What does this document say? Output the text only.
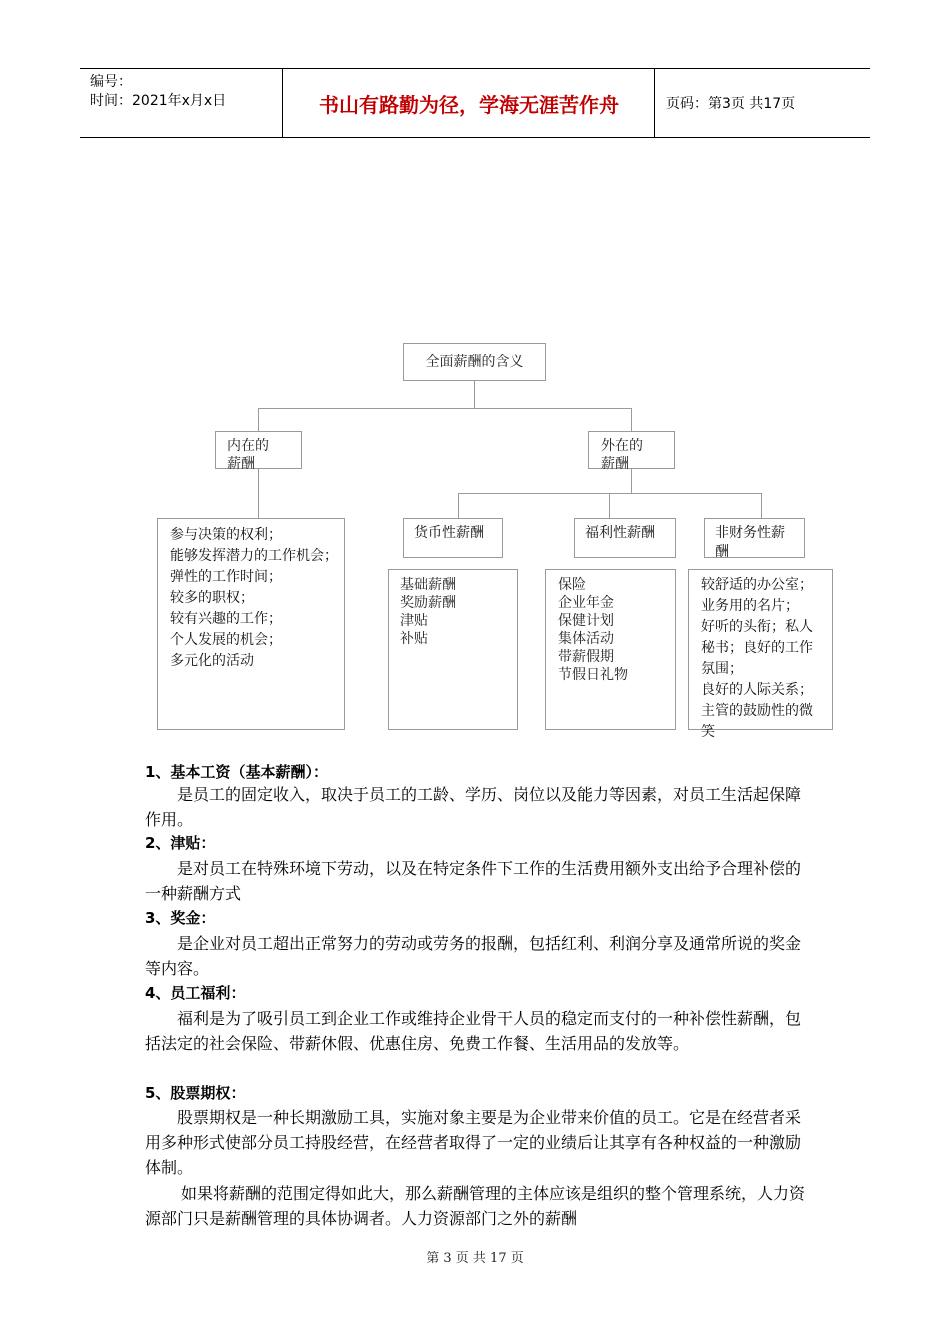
编号：
时间：2021年x月x日	书山有路勤为径，学海无涯苦作舟	页码：第3页 共17页
全面薪酬的含义
内在的薪酬
外在的薪酬
参与决策的权利；
能够发挥潜力的工作机会；
弹性的工作时间；
较多的职权；
较有兴趣的工作；
个人发展的机会；
多元化的活动
货币性薪酬	福利性薪酬	非财务性薪酬
基础薪酬
奖励薪酬
津贴
补贴
保险
企业年金
保健计划
集体活动
带薪假期
节假日礼物
较舒适的办公室；
业务用的名片；
好听的头衔；私人秘书；良好的工作氛围；
良好的人际关系；
主管的鼓励性的微笑
1、基本工资（基本薪酬）：
是员工的固定收入，取决于员工的工龄、学历、岗位以及能力等因素，对员工生活起保障作用。
2、津贴：
是对员工在特殊环境下劳动，以及在特定条件下工作的生活费用额外支出给予合理补偿的一种薪酬方式
3、奖金：
是企业对员工超出正常努力的劳动或劳务的报酬，包括红利、利润分享及通常所说的奖金等内容。
4、员工福利：
福利是为了吸引员工到企业工作或维持企业骨干人员的稳定而支付的一种补偿性薪酬，包括法定的社会保险、带薪休假、优惠住房、免费工作餐、生活用品的发放等。
5、股票期权：
股票期权是一种长期激励工具，实施对象主要是为企业带来价值的员工。它是在经营者采用多种形式使部分员工持股经营，在经营者取得了一定的业绩后让其享有各种权益的一种激励体制。
如果将薪酬的范围定得如此大，那么薪酬管理的主体应该是组织的整个管理系统，人力资源部门只是薪酬管理的具体协调者。人力资源部门之外的薪酬
第 3 页 共 17 页
